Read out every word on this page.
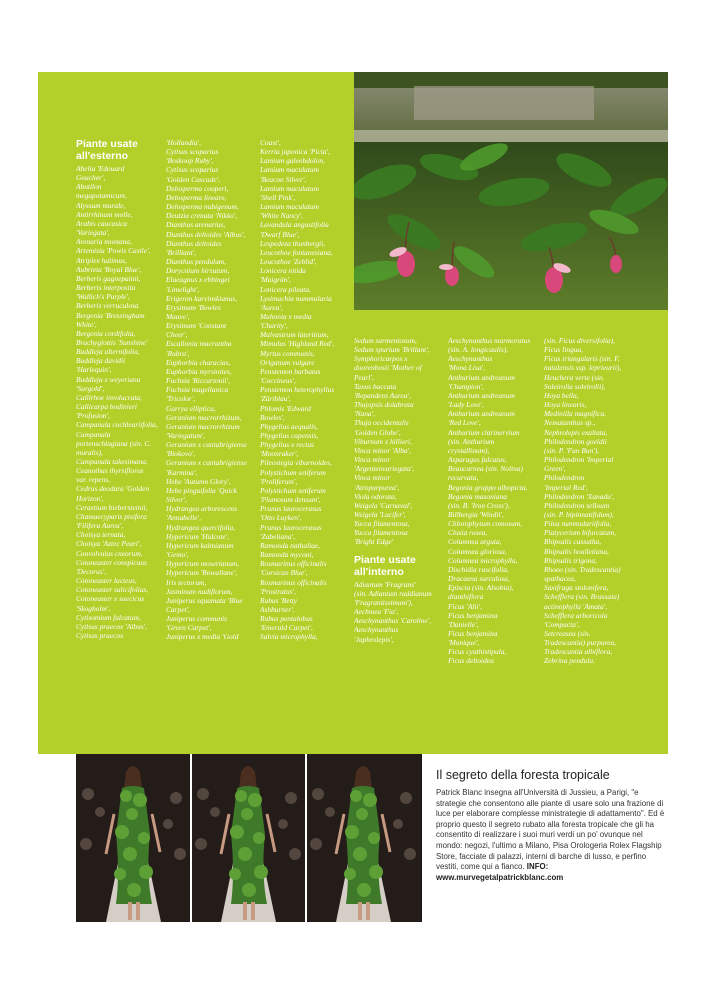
Piante usate
all'esterno
Abelia 'Edouard
Goucher',
Abutilon
megapotamicum,
Alyssum murale,
Antirrhinum molle,
Arabis caucasica
'Variegata',
Arenaria montana,
Artemisia 'Powis Castle',
Atriplex halimus,
Aubrieta 'Royal Blue',
Berberis gagnepainii,
Berberis interposita
'Wallich's Purple',
Berberis verruculosa
Bergenia 'Bressingham
White',
Bergenia cordifolia,
Brachyglottis 'Sunshine'
Buddleja alternifolia,
Buddleja davidii
'Harlequin',
Buddleja x weyeriana
'Surgold',
Callirhoe involucrata,
Callicarpa bodinieri
'Profusion',
Campanula cochleariifolia,
Campanula
portenschlagiana (sin. C.
muralis),
Campanula takesimana,
Ceanothus thyrsiflorus
var. repens,
Cedrus deodara 'Golden
Horizon',
Cerastium biebersteinii,
Chamaecyparis pisifera
'Filifera Aurea',
Choisya ternata,
Choisya 'Aztec Pearl',
Convolvulus cneorum,
Cotoneaster conspicuus
'Decorus',
Cotoneaster lacteus,
Cotoneaster salicifolius,
Cotoneaster x suecicus
'Skogholm',
Cytisomium falcatum,
Cytisus praecox 'Albus',
Cytisus praecox
'Hollandia',
Cytisus scoparius
'Boskoop Ruby',
Cytisus scoparius
'Golden Cascade',
Delosperma cooperi,
Delosperma lineare,
Delosperma nubigenum,
Deutzia crenata 'Nikko',
Dianthus arenarius,
Dianthus deltoides 'Albus',
Dianthus deltoides
'Brilliant',
Dianthus pendulum,
Dorycnium hirsutum,
Elaeagnus x ebbingei
'Limelight',
Erigeron karvinskianus,
Erysimum 'Bowles
Mauve',
Erysimum 'Constant
Cheer',
Escallonia macrantha
'Rubra',
Euphorbia characias,
Euphorbia myrsinites,
Fuchsia 'Riccartonii',
Fuchsia magellanica
'Tricolor',
Garrya elliptica,
Geranium macrorrhizum,
Geranium macrorrhizum
'Variegatum',
Geranium x cantabrigiense
'Biokovo',
Geranium x cantabrigiense
'Karmina',
Hebe 'Autumn Glory',
Hebe pinguifolia 'Quick
Silver',
Hydrangea arborescens
'Annabelle',
Hydrangea quercifolia,
Hypericum 'Hidcote',
Hypericum kalmianum
'Gemo',
Hypericum moserianum,
Hypericum 'Rowallane',
Iris tectorum,
Jasminum nudiflorum,
Juniperus squamata 'Blue
Carpet',
Juniperus communis
'Green Carpet',
Juniperus x media 'Gold
Coast',
Kerria japonica 'Picta',
Lamium galeobdolon,
Lamium maculatum
'Beacon Silver',
Lamium maculatum
'Shell Pink',
Lamium maculatum
'White Nancy',
Lavandula angustifolia
'Dwarf Blue',
Lespedeza thunbergii,
Leucothoe fontanesiana,
Leucothoe 'Zeblid',
Lonicera nitida
'Maigrün',
Lonicera pileata,
Lysimachia nummularia
'Aurea',
Mahonia x media
'Charity',
Malvastrum lateritium,
Mimulus 'Highland Red',
Myrtus communis,
Origanum vulgare
Penstemon barbatus
'Coccineus',
Penstemon heterophyllus
'Züriblau',
Phlomis 'Edward
Bowles',
Phygelius aequalis,
Phygelius capensis,
Phygelius x rectus
'Moonraker',
Pileostegia viburnoides,
Polystichum setiferum
'Proliferum',
Polystichum setiferum
'Plumosum densum',
Prunus laurocerasus
'Otto Luyken',
Prunus laurocerasus
'Zabeliana',
Ramonda nathaliae,
Ramonda myconi,
Rosmarinus officinalis
'Corsican Blue',
Rosmarinus officinalis
'Prostratus',
Rubus 'Betty
Ashburner',
Rubus pentalobus
'Emerald Carpet',
Salvia microphylla,
Sedum sarmentosum,
Sedum spurium 'Brillant',
Symphoricarpos x
doorenbosii 'Mother of
Pearl',
Taxus baccata
'Repandens Aurea',
Thujopsis dolabrata
'Nana',
Thuja occidentalis
'Golden Globe',
Viburnum x hillieri,
Vinca minor 'Alba',
Vinca minor
'Argenteovariegata',
Vinca minor
'Atropurpurea',
Viola odorata,
Weigela 'Carnaval',
Weigela 'Lucifer',
Yucca filamentosa,
Yucca filamentosa
'Bright Edge'
Piante usate
all'interno
Adiantum 'Fragrans'
(sin. Adiantum raddianum
'Fragrantissimum'),
Aechmea 'Fia',
Aeschynanthus 'Caroline',
Aeschynanthus
'Japhrolepis',
Aeschynanthus marmoratus
(sin. A. longicaulis),
Aeschynanthus
'Mona Lisa',
Anthurium andreanum
'Champion',
Anthurium andreanum
'Lady Love',
Anthurium andreanum
'Red Love',
Anthurium clarinervium
(sin. Anthurium
crystallinum),
Asparagus falcatus,
Beaucarnea (sin. Nolina)
recurvata,
Begonia gruppo albopicta,
Begonia masoniana
(sin. B. 'Iron Cross'),
Billbergia 'Windii',
Chlorophytum comosum,
Clusia rosea,
Columnea arguta,
Columnea gloriosa,
Columnea microphylla,
Dischidia ruscifolia,
Dracaena surculosa,
Episcia (sin. Alsobia),
dianthiflora
Ficus 'Alii',
Ficus benjamina
'Danielle',
Ficus benjamina
'Monique',
Ficus cyathistipula,
Ficus deltoidea
(sin. Ficus diversifolia),
Ficus lingua,
Ficus triangularis (sin. F.
natalensis ssp. leprieurii),
Heuchera verte (sin.
Soleirolia soleirolii),
Hoya bella,
Hoya linearis,
Medinilla magnifica,
Nematanthus sp.,
Nephrolepis exaltata,
Philodendron goeldii
(sin. P. 'Fun Bun'),
Philodendron 'Imperial
Green',
Philodendron
'Imperial Red',
Philodendron 'Xanadu',
Philodendron selloum
(sin. P. bipinnatifidum),
Pilea nummulariifolia,
Platycerium bifurcatum,
Rhipsalis cassutha,
Rhipsalis houlletiana,
Rhipsalis trigona,
Rhoeo (sin. Tradescantia)
spathacea,
Saxifraga stolonifera,
Schefflera (sin. Brassaia)
actinophylla 'Amata',
Schefflera arboricola
'Compacta',
Setcreasea (sin.
Tradescantia) purpurea,
Tradescantia albiflora,
Zebrina pendula.
Il segreto della foresta tropicale
Patrick Blanc insegna all'Università di Jussieu, a Parigi, "e strategie che consentono alle piante di usare solo una frazione di luce per elaborare complesse ministrategie di adattamento". Ed è proprio questo il segreto rubato alla foresta tropicale che gli ha consentito di realizzare i suoi muri verdi un po' ovunque nel mondo: negozi, l'ultimo a Milano, Pisa Orologeria Rolex Flagship Store, facciate di palazzi, interni di barche di lusso, e perfino vestiti, come qui a fianco. INFO: www.murvegetalpatrickblanc.com
